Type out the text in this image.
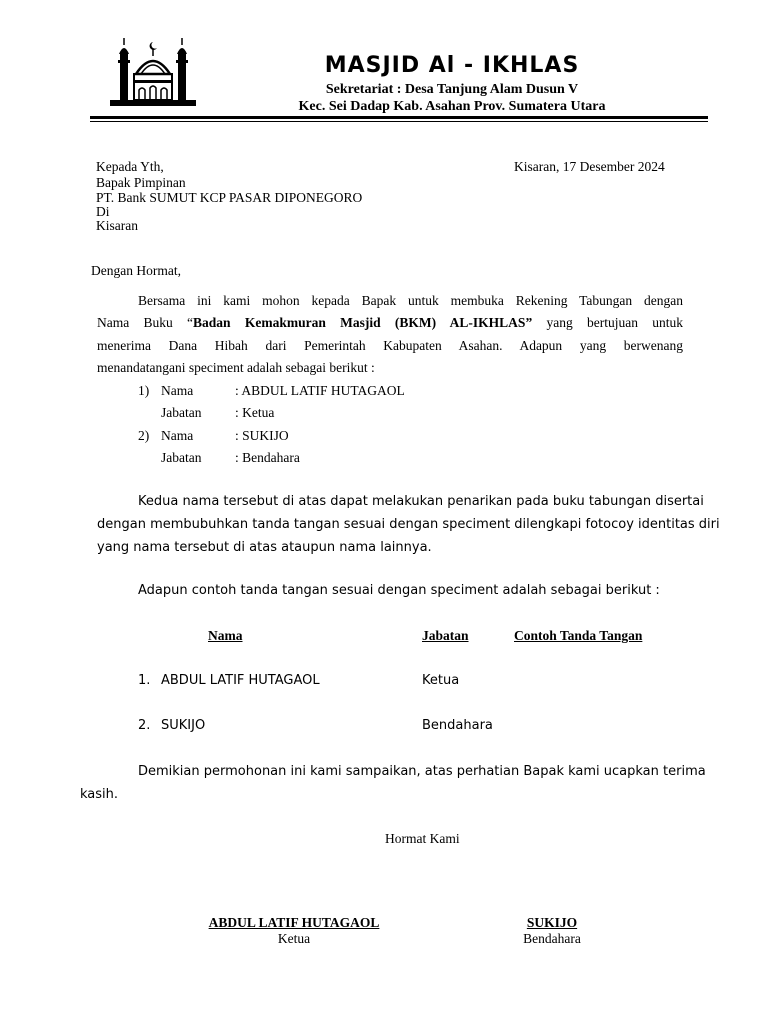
MASJID Al - IKHLAS
Sekretariat : Desa Tanjung Alam Dusun V
Kec. Sei Dadap Kab. Asahan Prov. Sumatera Utara
Kepada Yth,
Bapak Pimpinan
PT. Bank SUMUT KCP PASAR DIPONEGORO
Di
Kisaran
Kisaran, 17 Desember 2024
Dengan Hormat,
Bersama ini kami mohon kepada Bapak untuk membuka Rekening Tabungan dengan
Nama Buku “Badan Kemakmuran Masjid (BKM) AL-IKHLAS” yang bertujuan untuk
menerima Dana Hibah dari Pemerintah Kabupaten Asahan. Adapun yang berwenang
menandatangani speciment adalah sebagai berikut :
1) Nama	: ABDUL LATIF HUTAGAOL
Jabatan : Ketua
2) Nama	: SUKIJO
Jabatan : Bendahara
Kedua nama tersebut di atas dapat melakukan penarikan pada buku tabungan disertai
dengan membubuhkan tanda tangan sesuai dengan speciment dilengkapi fotocoy identitas diri
yang nama tersebut di atas ataupun nama lainnya.
Adapun contoh tanda tangan sesuai dengan speciment adalah sebagai berikut :
Nama	Jabatan	Contoh Tanda Tangan
1. ABDUL LATIF HUTAGAOL	Ketua
2. SUKIJO	Bendahara
Demikian permohonan ini kami sampaikan, atas perhatian Bapak kami ucapkan terima
kasih.
Hormat Kami
ABDUL LATIF HUTAGAOL
Ketua
SUKIJO
Bendahara
